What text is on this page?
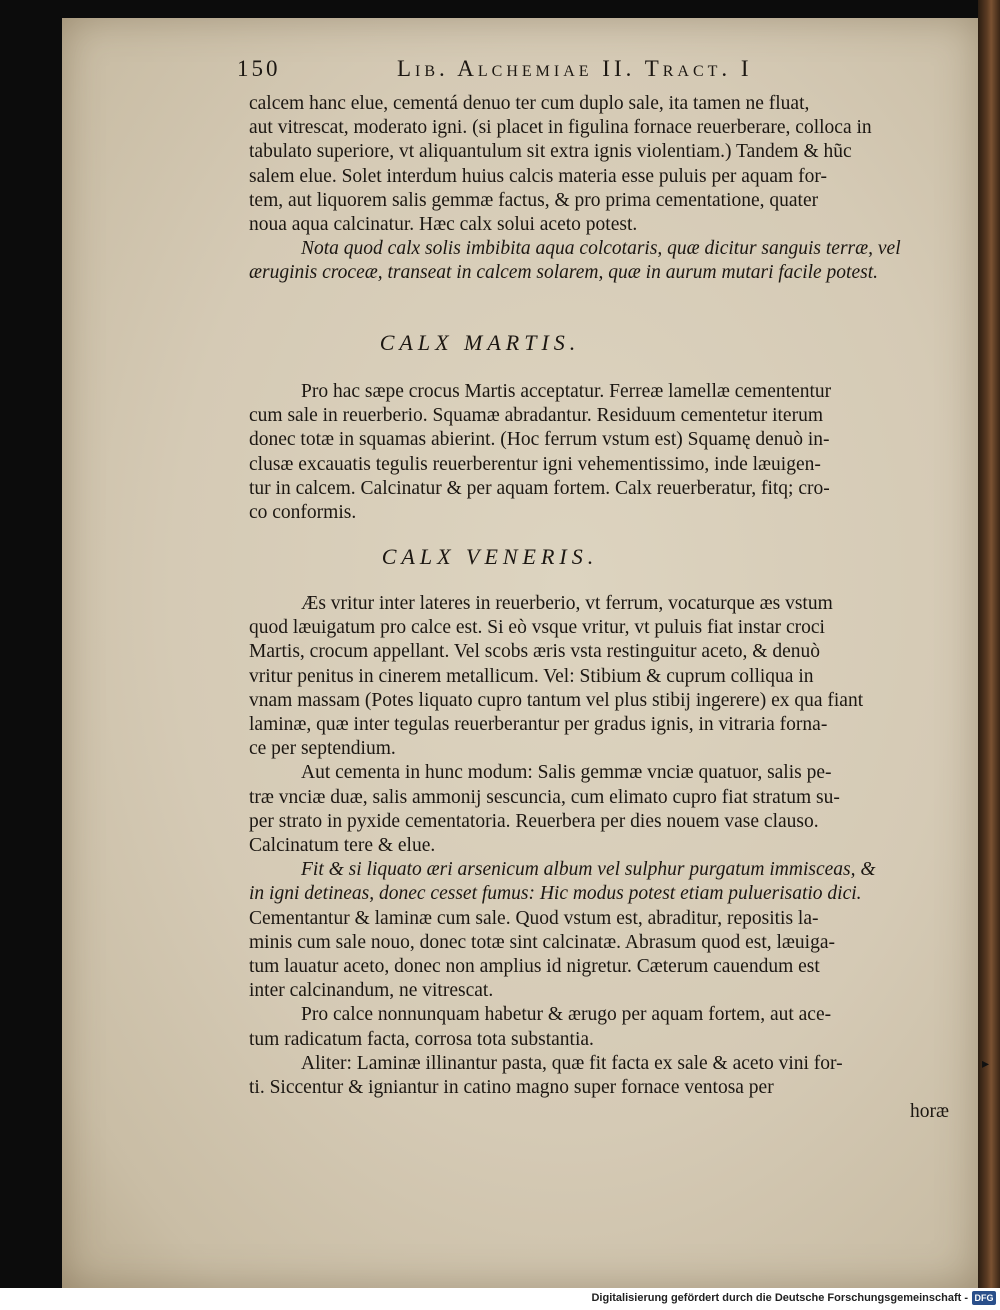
150	Lib. Alchemiae II. Tract. I
calcem hanc elue, cementá denuo ter cum duplo sale, ita tamen ne fluat,
aut vitrescat, moderato igni. (si placet in figulina fornace reuerberare, colloca in
tabulato superiore, vt aliquantulum sit extra ignis violentiam.) Tandem & hũc
salem elue. Solet interdum huius calcis materia esse puluis per aquam for-
tem, aut liquorem salis gemmæ factus, & pro prima cementatione, quater
noua aqua calcinatur. Hæc calx solui aceto potest.
Nota quod calx solis imbibita aqua colcotaris, quæ dicitur sanguis terræ, vel
æruginis croceæ, transeat in calcem solarem, quæ in aurum mutari facile potest.
CALX MARTIS.
Pro hac sæpe crocus Martis acceptatur. Ferreæ lamellæ cemententur
cum sale in reuerberio. Squamæ abradantur. Residuum cementetur iterum
donec totæ in squamas abierint. (Hoc ferrum vstum est) Squamę denuò in-
clusæ excauatis tegulis reuerberentur igni vehementissimo, inde læuigen-
tur in calcem. Calcinatur & per aquam fortem. Calx reuerberatur, fitq; cro-
co conformis.
CALX VENERIS.
Æs vritur inter lateres in reuerberio, vt ferrum, vocaturque æs vstum
quod læuigatum pro calce est. Si eò vsque vritur, vt puluis fiat instar croci
Martis, crocum appellant. Vel scobs æris vsta restinguitur aceto, & denuò
vritur penitus in cinerem metallicum. Vel: Stibium & cuprum colliqua in
vnam massam (Potes liquato cupro tantum vel plus stibij ingerere) ex qua fiant
laminæ, quæ inter tegulas reuerberantur per gradus ignis, in vitraria forna-
ce per septendium.
Aut cementa in hunc modum: Salis gemmæ vnciæ quatuor, salis pe-
træ vnciæ duæ, salis ammonij sescuncia, cum elimato cupro fiat stratum su-
per strato in pyxide cementatoria. Reuerbera per dies nouem vase clauso.
Calcinatum tere & elue.
Fit & si liquato æri arsenicum album vel sulphur purgatum immisceas, &
in igni detineas, donec cesset fumus: Hic modus potest etiam puluerisatio dici.
Cementantur & laminæ cum sale. Quod vstum est, abraditur, repositis la-
minis cum sale nouo, donec totæ sint calcinatæ. Abrasum quod est, læuiga-
tum lauatur aceto, donec non amplius id nigretur. Cæterum cauendum est
inter calcinandum, ne vitrescat.
Pro calce nonnunquam habetur & ærugo per aquam fortem, aut ace-
tum radicatum facta, corrosa tota substantia.
Aliter: Laminæ illinantur pasta, quæ fit facta ex sale & aceto vini for-
ti. Siccentur & igniantur in catino magno super fornace ventosa per
horæ
▸
Digitalisierung gefördert durch die Deutsche Forschungsgemeinschaft - DFG
